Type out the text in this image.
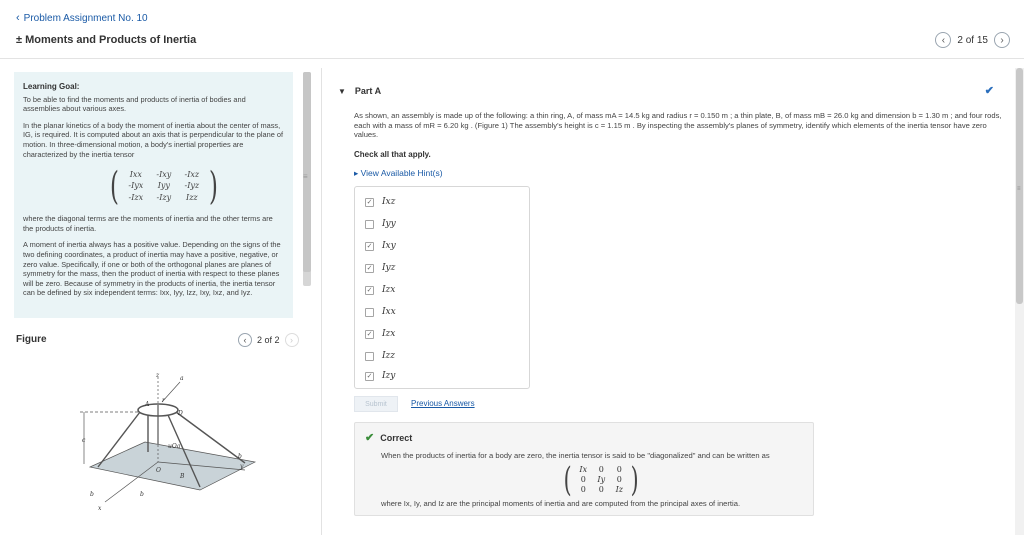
‹ Problem Assignment No. 10
± Moments and Products of Inertia	‹	2 of 15	›
Learning Goal:

To be able to find the moments and products of inertia of bodies and assemblies about various axes.

In the planar kinetics of a body the moment of inertia about the center of mass, IG, is required. It is computed about an axis that is perpendicular to the plane of motion. In three-dimensional motion, a body's inertial properties are characterized by the inertia tensor

(	Ixx	-Ixy	-Ixz
-Iyx	Iyy	-Iyz
-Izx	-Izy	Izz )

where the diagonal terms are the moments of inertia and the other terms are the products of inertia.

A moment of inertia always has a positive value. Depending on the signs of the two defining coordinates, a product of inertia may have a positive, negative, or zero value. Specifically, if one or both of the orthogonal planes are planes of symmetry for the mass, then the product of inertia with respect to these planes will be zero. Because of symmetry in the products of inertia, the inertia tensor can be defined by six independent terms: Ixx, Iyy, Izz, Ixy, Ixz, and Iyz.

Figure	‹	2 of 2	›
z	a
A
D
c
r
uOa
O
B
y
x
b	b
b
≡
▼ Part A	✔
As shown, an assembly is made up of the following: a thin ring, A, of mass mA = 14.5 kg and radius r = 0.150 m ; a thin plate, B, of mass mB = 26.0 kg and dimension b = 1.30 m ; and four rods, each with a mass of mR = 6.20 kg . (Figure 1) The assembly's height is c = 1.15 m . By inspecting the assembly's planes of symmetry, identify which elements of the inertia tensor have zero values.
Check all that apply.
▸ View Available Hint(s)
✓ Ixz
Iyy
✓ Ixy
✓ Iyz
✓ Izx
Ixx
✓ Izx
Izz
✓ Izy
Submit	Previous Answers
✔ Correct
When the products of inertia for a body are zero, the inertia tensor is said to be "diagonalized" and can be written as
( Ix	0	0
0	Iy	0
0	0	Iz )
where Ix, Iy, and Iz are the principal moments of inertia and are computed from the principal axes of inertia.
≡
